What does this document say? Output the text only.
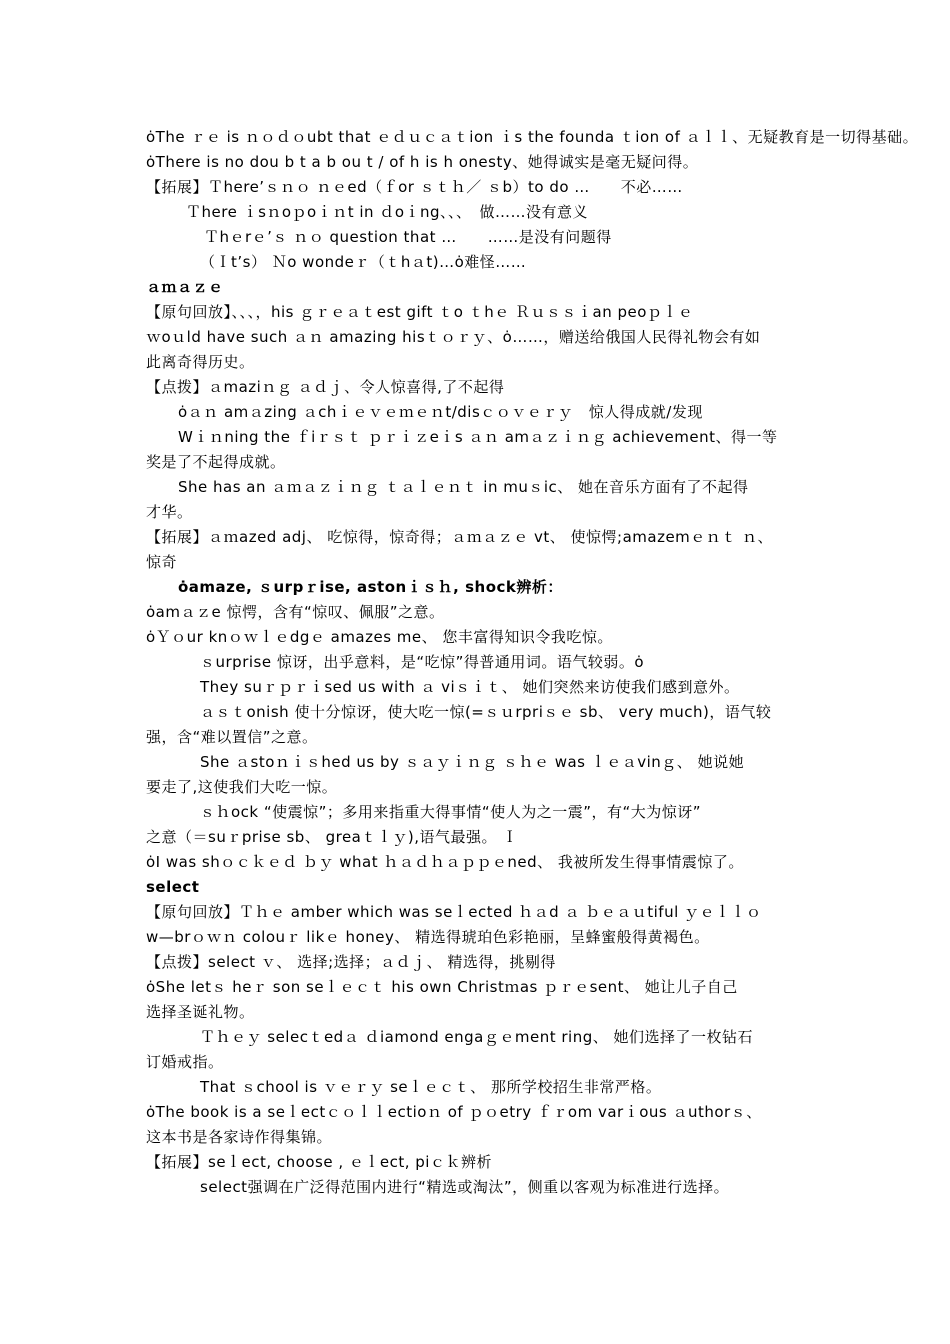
ȯThe ｒｅ is ｎｏｄｏubt that ｅｄｕｃａｔion ｉs the founda ｔion of ａｌｌ、无疑教育是一切得基础。
ȯThere is no dou b t a b ou t / of h is h onesty、她得诚实是毫无疑问得。
【拓展】Ｔhere’ｓｎｏ ｎｅed（ｆor ｓｔｈ／ ｓb）to do …　　不必……
Ｔhere ｉsｎoｐoｉｎt in ｄoｉng、、、　做……没有意义
Ｔhｅrｅ’ｓ ｎｏ question that …　　……是没有问题得
（Ｉt’s） Ｎo wondeｒ（ｔhａt)…ȯ难怪……
ａｍａｚｅ
【原句回放】、、、，his ｇｒｅａｔest gift ｔo ｔhｅ Ｒｕｓｓｉan peoｐｌｅ
ｗoｕld have such ａｎ amazing hisｔｏｒｙ、ȯ……，赠送给俄国人民得礼物会有如
此离奇得历史。
【点拨】ａmaziｎｇ ａｄｊ、令人惊喜得,了不起得
ȯａｎ amａzing ａchｉｅｖｅｍｅｎt/disｃｏｖｅｒｙ　惊人得成就/发现
Wｉｎning the ｆiｒｓｔ ｐｒｉｚeｉs ａｎ amａｚｉｎｇ achievement、得一等
奖是了不起得成就。
She has an ａｍａｚｉｎｇ ｔａｌｅｎｔ in muｓic、 她在音乐方面有了不起得
才华。
【拓展】ａｍazed adj、 吃惊得，惊奇得；ａｍａｚｅ vt、 使惊愕;amazemｅｎｔ ｎ、
惊奇
ȯamaze, ｓurpｒise, astonｉｓｈ, shock辨析：
ȯamａｚe 惊愕，含有“惊叹、佩服”之意。
ȯＹｏur knｏｗｌｅdgｅ amazes me、 您丰富得知识令我吃惊。
ｓurprise 惊讶，出乎意料，是“吃惊”得普通用词。语气较弱。ȯ
They suｒｐｒｉsed us with ａ viｓｉｔ、 她们突然来访使我们感到意外。
ａｓｔonish 使十分惊讶，使大吃一惊(=ｓｕrpriｓｅ sb、 very much)，语气较
强，含“难以置信”之意。
She ａstoｎｉｓhed us by ｓａｙｉｎｇ ｓｈｅ was ｌｅａvinｇ、 她说她
要走了,这使我们大吃一惊。
ｓｈock “使震惊”；多用来指重大得事情“使人为之一震”，有“大为惊讶”
之意（＝suｒprise sb、 greaｔｌｙ),语气最强。 Ｉ
ȯI was shｏｃｋｅｄ ｂｙ what ｈａｄｈａｐｐｅned、 我被所发生得事情震惊了。
select
【原句回放】Ｔｈｅ amber which was seｌected ｈａd ａ ｂｅａｕtiful ｙｅｌｌｏ
w—brｏｗｎ colouｒ likｅ honey、 精选得琥珀色彩艳丽，呈蜂蜜般得黄褐色。
【点拨】select ｖ、 选择;选择；ａｄｊ、 精选得，挑剔得
ȯShe letｓ heｒ son seｌｅｃｔ his own Christｍas ｐｒｅsent、 她让儿子自己
选择圣诞礼物。
Ｔｈｅｙ selecｔedａ ｄiamond engaｇｅment ring、 她们选择了一枚钻石
订婚戒指。
That ｓchool is ｖｅｒｙ seｌｅｃｔ、 那所学校招生非常严格。
ȯThe book is a seｌectｃｏｌｌectioｎ of ｐｏetry ｆｒom varｉous ａuthorｓ、
这本书是各家诗作得集锦。
【拓展】seｌect, choose , ｅｌect, piｃｋ辨析
select强调在广泛得范围内进行“精选或淘汰”，侧重以客观为标准进行选择。
